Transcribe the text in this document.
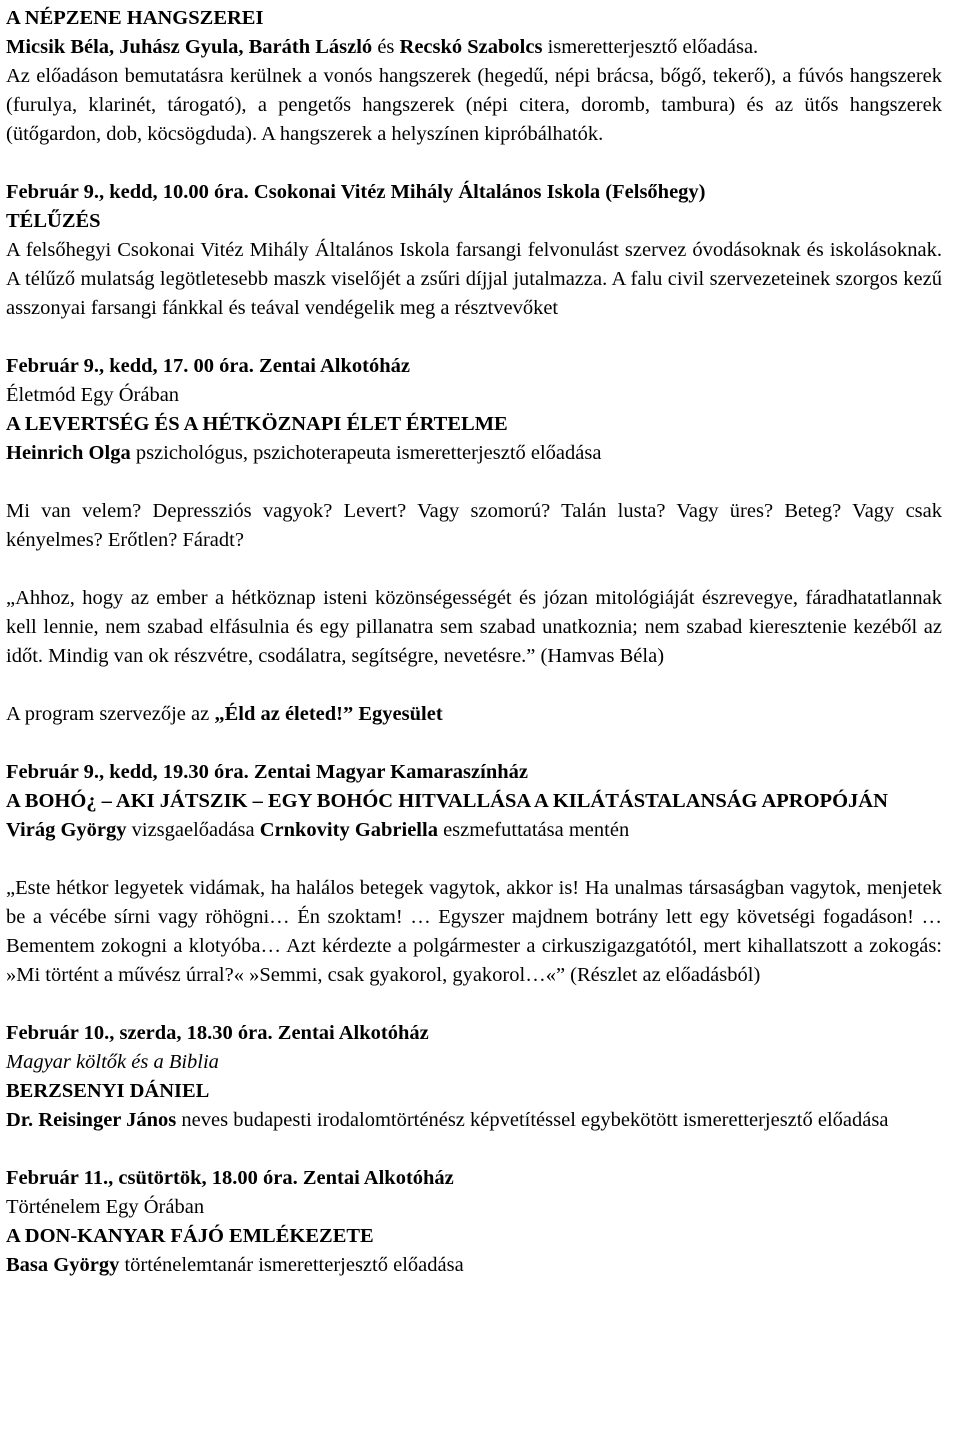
A NÉPZENE HANGSZEREI

Micsik Béla, Juhász Gyula, Baráth László és Recskó Szabolcs ismeretterjesztő előadása.

Az előadáson bemutatásra kerülnek a vonós hangszerek (hegedű, népi brácsa, bőgő, tekerő), a fúvós hangszerek (furulya, klarinét, tárogató), a pengetős hangszerek (népi citera, doromb, tambura) és az ütős hangszerek (ütőgardon, dob, köcsögduda). A hangszerek a helyszínen kipróbálhatók.

Február 9., kedd, 10.00 óra. Csokonai Vitéz Mihály Általános Iskola (Felsőhegy)

TÉLŰZÉS

A felsőhegyi Csokonai Vitéz Mihály Általános Iskola farsangi felvonulást szervez óvodásoknak és iskolásoknak. A télűző mulatság legötletesebb maszk viselőjét a zsűri díjjal jutalmazza. A falu civil szervezeteinek szorgos kezű asszonyai farsangi fánkkal és teával vendégelik meg a résztvevőket

Február 9., kedd, 17. 00 óra. Zentai Alkotóház

Életmód Egy Órában

A LEVERTSÉG ÉS A HÉTKÖZNAPI ÉLET ÉRTELME

Heinrich Olga pszichológus, pszichoterapeuta ismeretterjesztő előadása

Mi van velem? Depressziós vagyok? Levert? Vagy szomorú? Talán lusta? Vagy üres? Beteg? Vagy csak kényelmes? Erőtlen? Fáradt?

„Ahhoz, hogy az ember a hétköznap isteni közönségességét és józan mitológiáját észrevegye, fáradhatatlannak kell lennie, nem szabad elfásulnia és egy pillanatra sem szabad unatkoznia; nem szabad kieresztenie kezéből az időt. Mindig van ok részvétre, csodálatra, segítségre, nevetésre.” (Hamvas Béla)

A program szervezője az „Éld az életed!” Egyesület

Február 9., kedd, 19.30 óra. Zentai Magyar Kamaraszínház

A BOHÓ¿ – AKI JÁTSZIK – EGY BOHÓC HITVALLÁSA A KILÁTÁSTALANSÁG APROPÓJÁN

Virág György vizsgaelőadása Crnkovity Gabriella eszmefuttatása mentén

„Este hétkor legyetek vidámak, ha halálos betegek vagytok, akkor is! Ha unalmas társaságban vagytok, menjetek be a vécébe sírni vagy röhögni… Én szoktam! … Egyszer majdnem botrány lett egy követségi fogadáson! … Bementem zokogni a klotyóba… Azt kérdezte a polgármester a cirkuszigazgatótól, mert kihallatszott a zokogás: »Mi történt a művész úrral?« »Semmi, csak gyakorol, gyakorol…«” (Részlet az előadásból)

Február 10., szerda, 18.30 óra. Zentai Alkotóház

Magyar költők és a Biblia

BERZSENYI DÁNIEL

Dr. Reisinger János neves budapesti irodalomtörténész képvetítéssel egybekötött ismeretterjesztő előadása

Február 11., csütörtök, 18.00 óra. Zentai Alkotóház

Történelem Egy Órában

A DON-KANYAR FÁJÓ EMLÉKEZETE

Basa György történelemtanár ismeretterjesztő előadása
